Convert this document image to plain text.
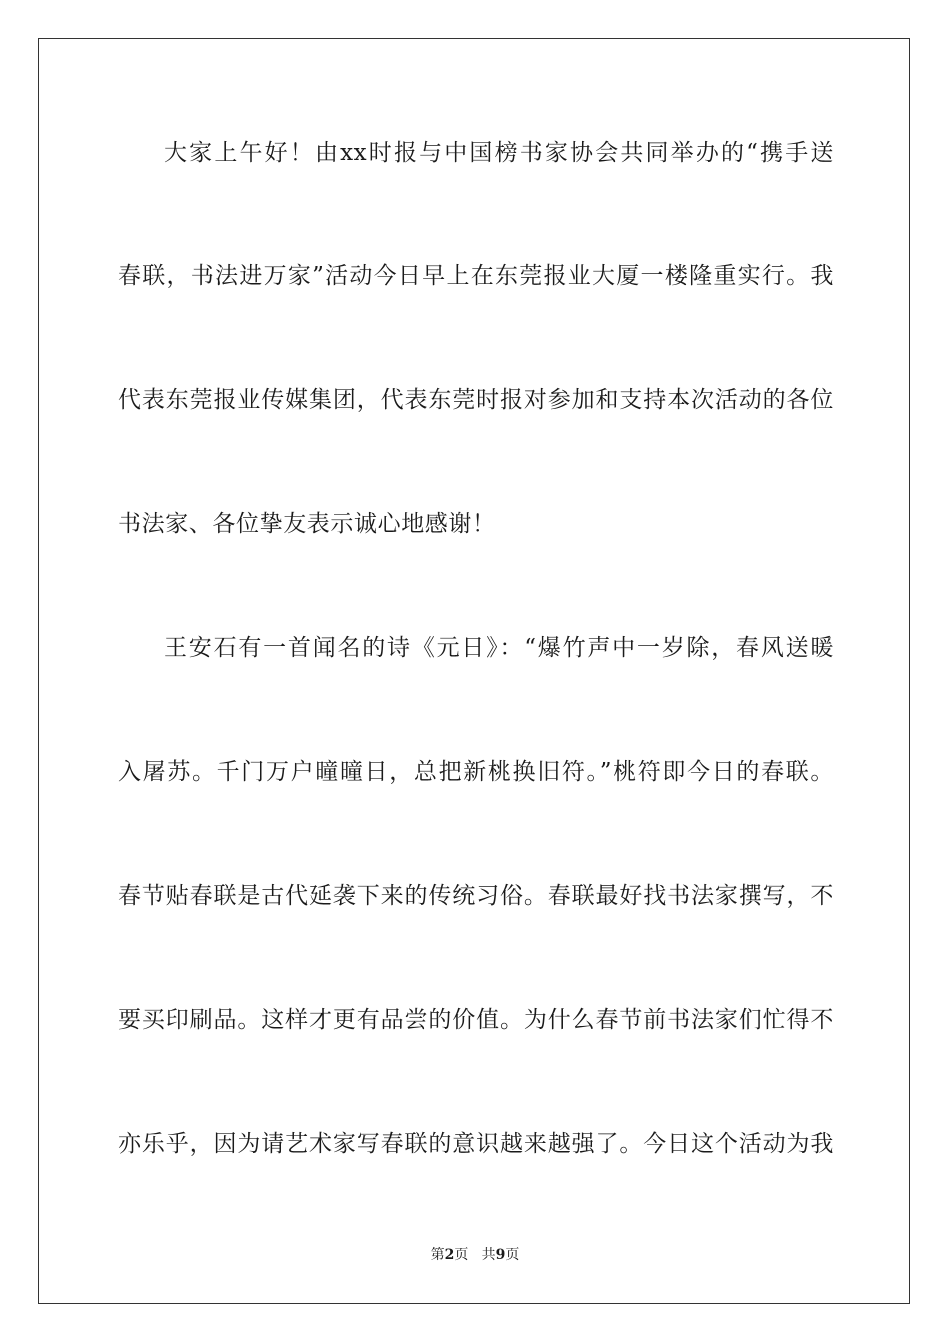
大家上午好！由xx时报与中国榜书家协会共同举办的“携手送
春联，书法进万家”活动今日早上在东莞报业大厦一楼隆重实行。我
代表东莞报业传媒集团，代表东莞时报对参加和支持本次活动的各位
书法家、各位挚友表示诚心地感谢！
王安石有一首闻名的诗《元日》：“爆竹声中一岁除，春风送暖
入屠苏。千门万户曈曈日，总把新桃换旧符。”桃符即今日的春联。
春节贴春联是古代延袭下来的传统习俗。春联最好找书法家撰写，不
要买印刷品。这样才更有品尝的价值。为什么春节前书法家们忙得不
亦乐乎，因为请艺术家写春联的意识越来越强了。今日这个活动为我
第2页 共9页
